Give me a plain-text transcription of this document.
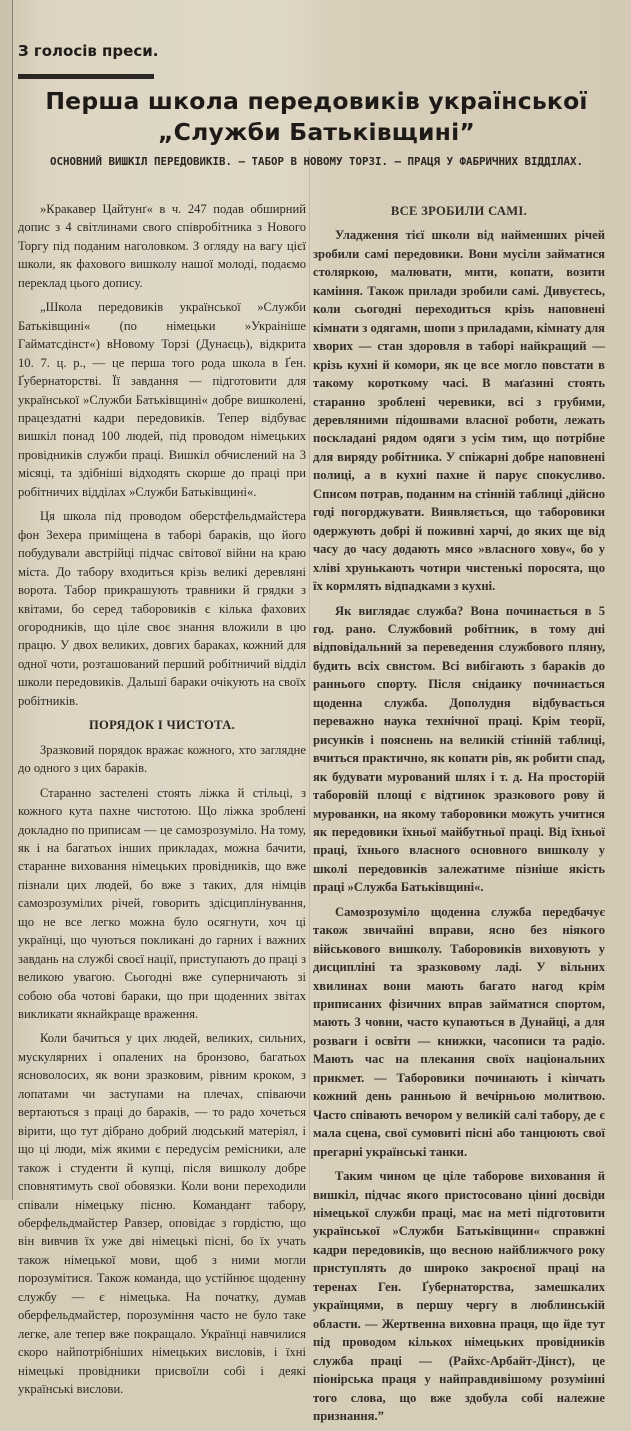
З голосів преси.
Перша школа передовиків української
„Служби Батьківщині”
ОСНОВНИЙ ВИШКІЛ ПЕРЕДОВИКІВ. — ТАБОР В НОВОМУ ТОРЗІ. — ПРАЦЯ У ФАБРИЧНИХ ВІДДІЛАХ.

»Кракавер Цайтунґ« в ч. 247 подав обширний допис з 4 світлинами свого співробітника з Нового Торгу під поданим наголовком. З огляду на вагу цієї школи, як фахового вишколу нашої молоді, подаємо переклад цього допису.

„Школа передовиків української »Служби Батьківщині« (по німецьки »Украініше Гайматсдінст«) вНовому Торзі (Дунаєць), відкрита 10. 7. ц. р., — це перша того рода школа в Ґен. Ґубернаторстві. Її завдання — підготовити для української »Служби Батьківщині« добре вишколені, працездатні кадри передовиків. Тепер відбуває вишкіл понад 100 людей, під проводом німецьких провідників служби праці. Вишкіл обчислений на 3 місяці, та здібніші відходять скорше до праці при робітничих відділах »Служби Батьківщині«.

Ця школа під проводом оберстфельдмайстера фон Зехера приміщена в таборі бараків, що його побудували австрійці підчас світової війни на краю міста. До табору входиться крізь великі деревляні ворота. Табор прикрашують травники й грядки з квітами, бо серед таборовиків є кілька фахових огородників, що ціле своє знання вложили в цю працю. У двох великих, довгих бараках, кожний для одної чоти, розташований перший робітничий відділ школи передовиків. Дальші бараки очікують на своїх робітників.

ПОРЯДОК І ЧИСТОТА.

Зразковий порядок вражає кожного, хто заглядне до одного з цих бараків.

Старанно застелені стоять ліжка й стільці, з кожного кута пахне чистотою. Що ліжка зроблені докладно по приписам — це самозрозуміло. На тому, як і на багатьох інших прикладах, можна бачити, старанне виховання німецьких провідників, що вже пізнали цих людей, бо вже з таких, для німців самозрозумілих річей, говорить здісциплінування, що не все легко можна було осягнути, хоч ці українці, що чуються покликані до гарних і важних завдань на службі своєї нації, приступають до праці з великою увагою. Сьогодні вже суперничають зі собою оба чотові бараки, що при щоденних звітах викликати якнайкраще враження.

Коли бачиться у цих людей, великих, сильних, мускулярних і опалених на бронзово, багатьох ясноволосих, як вони зразковим, рівним кроком, з лопатами чи заступами на плечах, співаючи вертаються з праці до бараків, — то радо хочеться вірити, що тут дібрано добрий людський матеріял, і що ці люди, між якими є передусім ремісники, але також і студенти й купці, після вишколу добре сповнятимуть свої обовязки. Коли вони переходили співали німецьку пісню. Командант табору, оберфельдмайстер Равзер, оповідає з гордістю, що він вивчив їх уже дві німецькі пісні, бо їх учать також німецької мови, щоб з ними могли порозумітися. Також команда, що устійнює щоденну службу — є німецька. На початку, думав оберфельдмайстер, порозуміння часто не було таке легке, але тепер вже покращало. Українці навчилися скоро найпотрібніших німецьких висловів, і їхні німецькі провідники присвоїли собі і деякі українські вислови.

ВСЕ ЗРОБИЛИ САМІ.

Уладження тієї школи від найменших річей зробили самі передовики. Вони мусіли займатися столяркою, малювати, мити, копати, возити каміння. Також прилади зробили самі. Дивуєтесь, коли сьогодні переходиться крізь наповнені кімнати з одягами, шопи з приладами, кімнату для хворих — стан здоровля в таборі найкращий — крізь кухні й комори, як це все могло повстати в такому короткому часі. В маґазині стоять старанно зроблені черевики, всі з грубими, деревляними підошвами власної роботи, лежать поскладані рядом одяги з усім тим, що потрібне для виряду робітника. У спіжарні добре наповнені полиці, а в кухні пахне й парує спокусливо. Списом потрав, поданим на стінній таблиці ,дійсно годі погорджувати. Виявляється, що таборовики одержують добрі й поживні харчі, до яких ще від часу до часу додають мясо »власного хову«, бо у хліві хрунькають чотири чистенькі поросята, що їх кормлять відпадками з кухні.

Як виглядає служба? Вона починається в 5 год. рано. Службовий робітник, в тому дні відповідальний за переведення службового пляну, будить всіх свистом. Всі вибігають з бараків до раннього спорту. Після сніданку починається щоденна служба. Дополудня відбувається переважно наука технічної праці. Крім теорії, рисунків і пояснень на великій стінній таблиці, вчиться практично, як копати рів, як робити спад, як будувати мурований шлях і т. д. На просторій таборовій площі є відтинок зразкового рову й мурованки, на якому таборовики можуть учитися як передовики їхньої майбутньої праці. Від їхньої праці, їхнього власного основного вишколу у школі передовиків залежатиме пізніше якість праці »Служба Батьківщині«.

Самозрозуміло щоденна служба передбачує також звичайні вправи, ясно без ніякого військового вишколу. Таборовиків виховують у дисципліні та зразковому ладі. У вільних хвилинах вони мають багато нагод крім приписаних фізичних вправ займатися спортом, мають 3 човни, часто купаються в Дунайці, а для розваги і освіти — книжки, часописи та радіо. Мають час на плекання своїх національних прикмет. — Таборовики починають і кінчать кожний день ранньою й вечірньою молитвою. Часто співають вечором у великій салі табору, де є мала сцена, свої сумовиті пісні або танцюють свої прегарні українські танки.

Таким чином це ціле таборове виховання й вишкіл, підчас якого пристосовано цінні досвіди німецької служби праці, має на меті підготовити української »Служби Батьківщини« справжні кадри передовиків, що весною найближчого року приступлять до широко закроєної праці на теренах Ген. Ґубернаторства, замешкалих українцями, в першу чергу в люблинській области. — Жертвенна виховна праця, що йде тут під проводом кількох німецьких провідників служба праці — (Райхс-Арбайт-Дінст), це піонірська праця у найправдивішому розумінні того слова, що вже здобула собі належне признання.”
